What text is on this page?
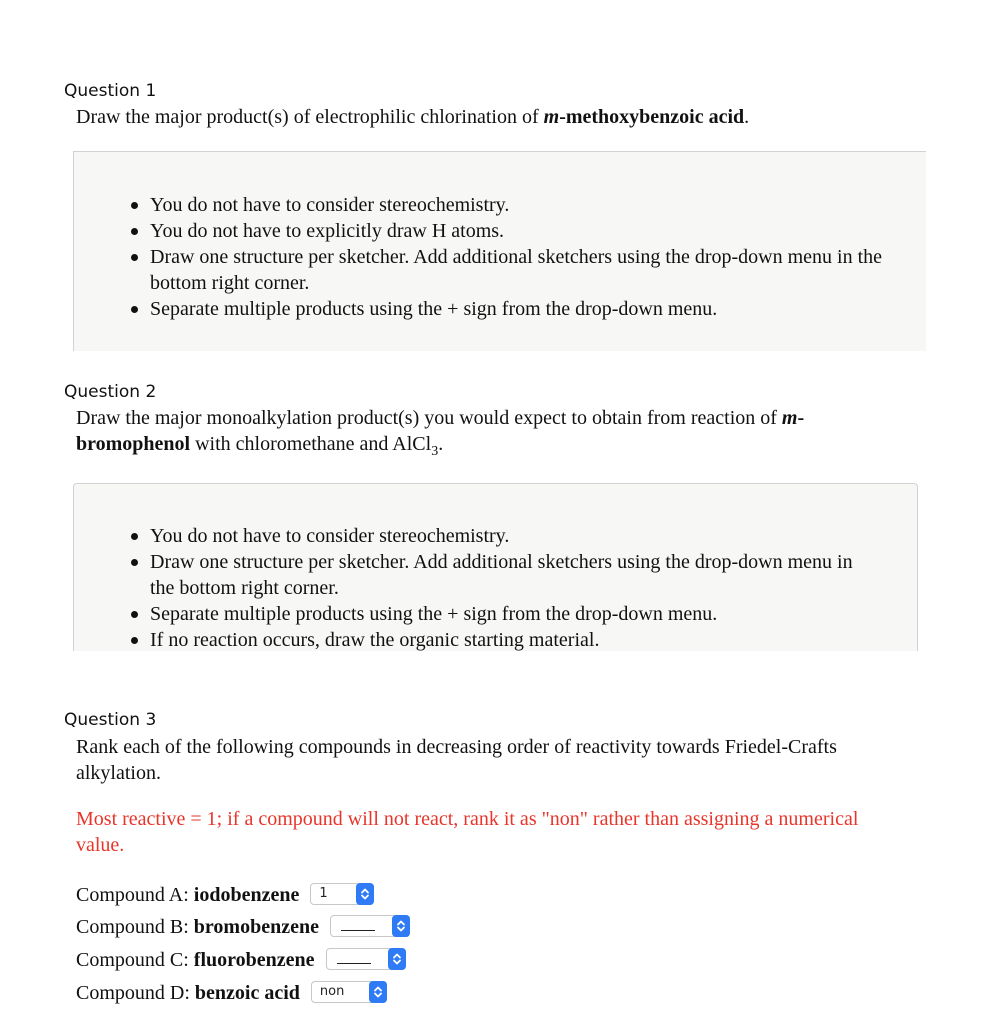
Question 1
Draw the major product(s) of electrophilic chlorination of m-methoxybenzoic acid.
You do not have to consider stereochemistry.
You do not have to explicitly draw H atoms.
Draw one structure per sketcher. Add additional sketchers using the drop-down menu in the bottom right corner.
Separate multiple products using the + sign from the drop-down menu.
Question 2
Draw the major monoalkylation product(s) you would expect to obtain from reaction of m-bromophenol with chloromethane and AlCl$_3$.
You do not have to consider stereochemistry.
Draw one structure per sketcher. Add additional sketchers using the drop-down menu in the bottom right corner.
Separate multiple products using the + sign from the drop-down menu.
If no reaction occurs, draw the organic starting material.
Question 3
Rank each of the following compounds in decreasing order of reactivity towards Friedel-Crafts alkylation.
Most reactive = 1; if a compound will not react, rank it as "non" rather than assigning a numerical value.
Compound A: iodobenzene 1
Compound B: bromobenzene
Compound C: fluorobenzene
Compound D: benzoic acid non
